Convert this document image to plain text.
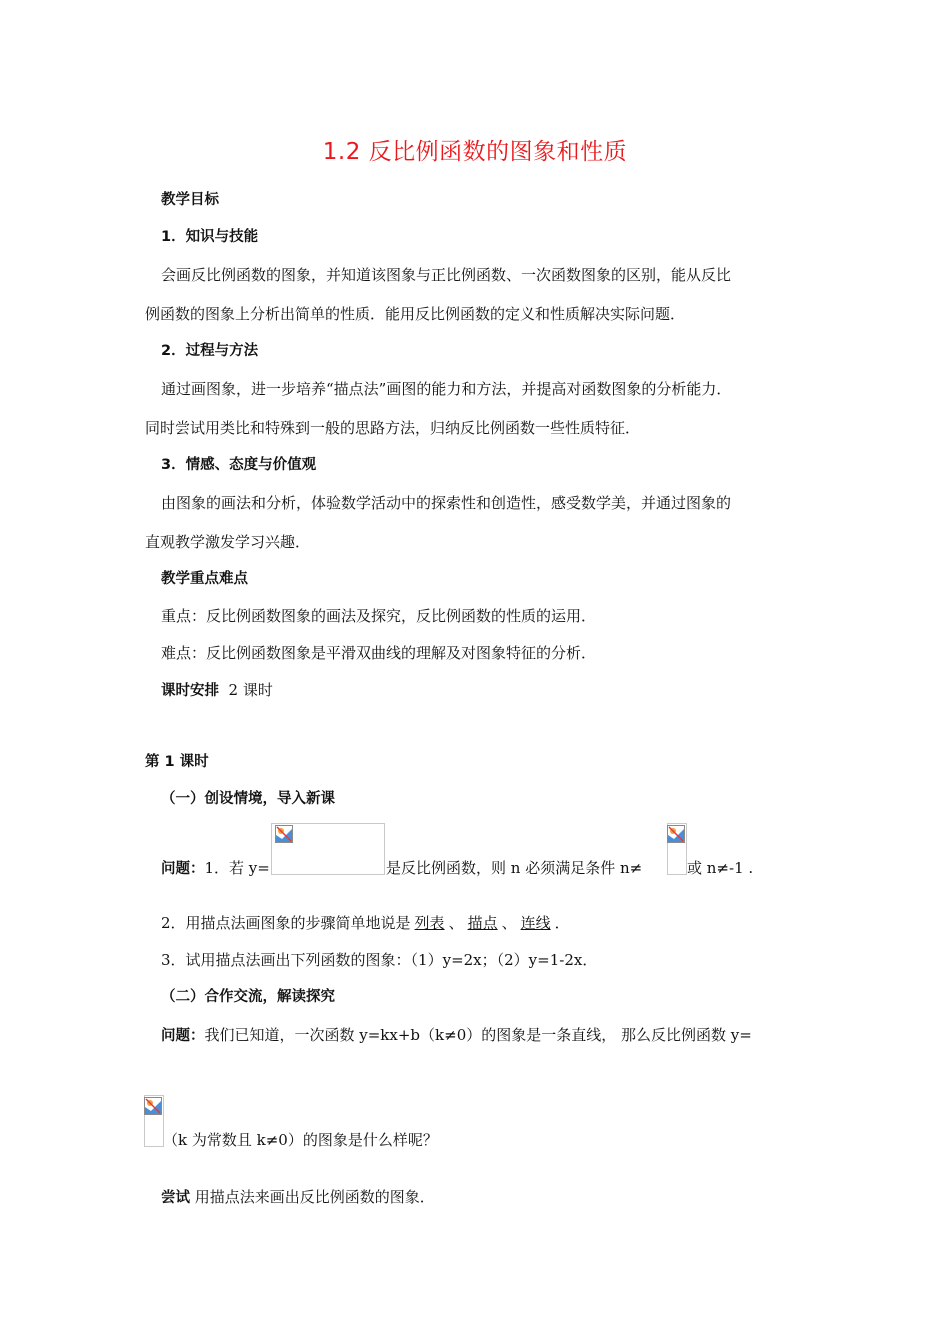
1.2 反比例函数的图象和性质
教学目标
1．知识与技能
会画反比例函数的图象，并知道该图象与正比例函数、一次函数图象的区别，能从反比
例函数的图象上分析出简单的性质．能用反比例函数的定义和性质解决实际问题．
2．过程与方法
通过画图象，进一步培养“描点法”画图的能力和方法，并提高对函数图象的分析能力．
同时尝试用类比和特殊到一般的思路方法，归纳反比例函数一些性质特征．
3．情感、态度与价值观
由图象的画法和分析，体验数学活动中的探索性和创造性，感受数学美，并通过图象的
直观教学激发学习兴趣．
教学重点难点
重点：反比例函数图象的画法及探究，反比例函数的性质的运用．
难点：反比例函数图象是平滑双曲线的理解及对图象特征的分析．
课时安排 2 课时
第 1 课时
（一）创设情境，导入新课
问题：1．若 y=	是反比例函数，则 n 必须满足条件 n≠	或 n≠-1 .
2．用描点法画图象的步骤简单地说是 列表 、 描点 、 连线 ．
3．试用描点法画出下列函数的图象：（1）y=2x；（2）y=1-2x．
（二）合作交流，解读探究
问题：我们已知道，一次函数 y=kx+b（k≠0）的图象是一条直线， 那么反比例函数 y=
（k 为常数且 k≠0）的图象是什么样呢？
尝试 用描点法来画出反比例函数的图象．
